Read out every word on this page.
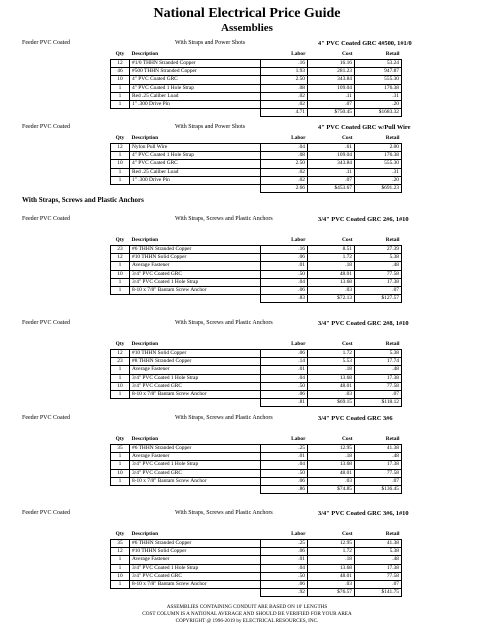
National Electrical Price Guide
Assemblies
Feeder PVC Coated	With Straps and Power Shots	4" PVC Coated GRC 4#500, 1#1/0
Qty	Description	Labor	Cost	Retail
12	#1/0 THHN Stranded Copper	.16	16.16	53.24
46	#500 THHN Stranded Copper	1.93	281.23	947.87
10	4" PVC Coated GRC	2.50	343.84	555.30
1	4" PVC Coated 1 Hole Strap	.08	109.04	176.38
1	Red .25 Caliber Load	.02	.11	.31
1	1" .300 Drive Pin	.02	.07	.20
		4.71	$750.45	$1683.32
Feeder PVC Coated	With Straps and Power Shots	4" PVC Coated GRC w/Pull Wire
Qty	Description	Labor	Cost	Retail
12	Nylon Pull Wire	.04	.61	2.00
1	4" PVC Coated 1 Hole Strap	.08	109.04	176.38
10	4" PVC Coated GRC	2.50	343.84	555.30
1	Red .25 Caliber Load	.02	.11	.31
1	1" .300 Drive Pin	.02	.07	.20
		2.66	$453.67	$691.23
With Straps, Screws and Plastic Anchors
Feeder PVC Coated	With Straps, Screws and Plastic Anchors	3/4" PVC Coated GRC 2#6, 1#10
Qty	Description	Labor	Cost	Retail
23	#6 THHN Stranded Copper	.16	8.51	27.39
12	#10 THHN Solid Copper	.06	1.72	5.38
1	Average Fastener	.01	.18	.48
10	3/4" PVC Coated GRC	.50	48.01	77.58
1	3/4" PVC Coated 1 Hole Strap	.04	13.68	17.38
1	8-10 x 7/8" Bantam Screw Anchor	.06	.03	.07
		.83	$72.13	$127.57
Feeder PVC Coated	With Straps, Screws and Plastic Anchors	3/4" PVC Coated GRC 2#8, 1#10
Qty	Description	Labor	Cost	Retail
12	#10 THHN Solid Copper	.06	1.72	5.38
23	#8 THHN Stranded Copper	.14	5.53	17.74
1	Average Fastener	.01	.18	.48
1	3/4" PVC Coated 1 Hole Strap	.04	13.68	17.38
10	3/4" PVC Coated GRC	.50	48.01	77.58
1	8-10 x 7/8" Bantam Screw Anchor	.06	.03	.07
		.81	$69.15	$118.12
Feeder PVC Coated	With Straps, Screws and Plastic Anchors	3/4" PVC Coated GRC 3#6
Qty	Description	Labor	Cost	Retail
35	#6 THHN Stranded Copper	.25	12.95	41.38
1	Average Fastener	.01	.18	.48
1	3/4" PVC Coated 1 Hole Strap	.04	13.68	17.38
10	3/4" PVC Coated GRC	.50	48.01	77.58
1	8-10 x 7/8" Bantam Screw Anchor	.06	.03	.07
		.86	$74.85	$136.45
Feeder PVC Coated	With Straps, Screws and Plastic Anchors	3/4" PVC Coated GRC 3#6, 1#10
Qty	Description	Labor	Cost	Retail
35	#6 THHN Stranded Copper	.25	12.95	41.38
12	#10 THHN Solid Copper	.06	1.72	5.38
1	Average Fastener	.01	.18	.48
1	3/4" PVC Coated 1 Hole Strap	.04	13.68	17.38
10	3/4" PVC Coated GRC	.50	48.01	77.58
1	8-10 x 7/8" Bantam Screw Anchor	.06	.03	.07
		.92	$76.57	$141.75
ASSEMBLIES CONTAINING CONDUIT ARE BASED ON 10' LENGTHS
COST COLUMN IS A NATIONAL AVERAGE AND SHOULD BE VERIFIED FOR YOUR AREA
COPYRIGHT @ 1996-2019 by ELECTRICAL RESOURCES, INC.
